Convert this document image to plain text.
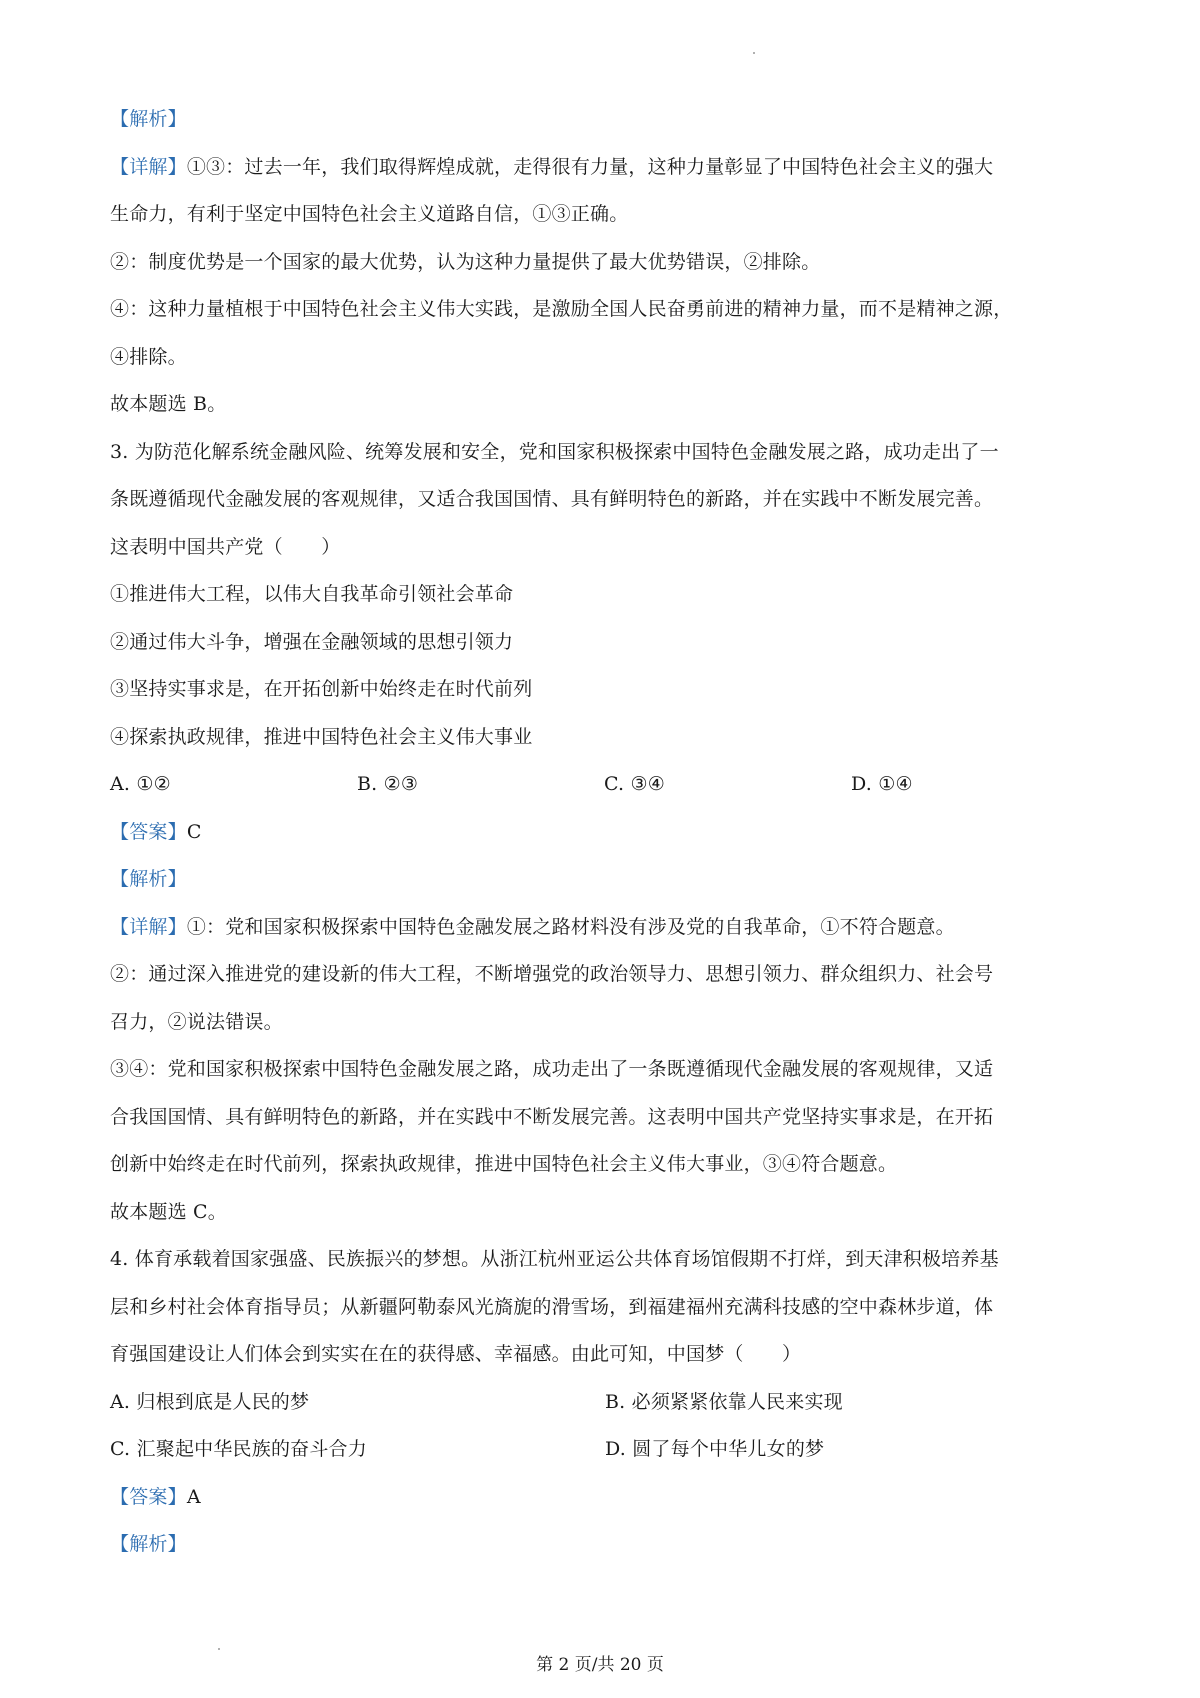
【解析】
【详解】①③：过去一年，我们取得辉煌成就，走得很有力量，这种力量彰显了中国特色社会主义的强大
生命力，有利于坚定中国特色社会主义道路自信，①③正确。
②：制度优势是一个国家的最大优势，认为这种力量提供了最大优势错误，②排除。
④：这种力量植根于中国特色社会主义伟大实践，是激励全国人民奋勇前进的精神力量，而不是精神之源，
④排除。
故本题选 B。
3. 为防范化解系统金融风险、统筹发展和安全，党和国家积极探索中国特色金融发展之路，成功走出了一
条既遵循现代金融发展的客观规律，又适合我国国情、具有鲜明特色的新路，并在实践中不断发展完善。
这表明中国共产党（　　）
①推进伟大工程，以伟大自我革命引领社会革命
②通过伟大斗争，增强在金融领域的思想引领力
③坚持实事求是，在开拓创新中始终走在时代前列
④探索执政规律，推进中国特色社会主义伟大事业
A. ①②	B. ②③	C. ③④	D. ①④
【答案】C
【解析】
【详解】①：党和国家积极探索中国特色金融发展之路材料没有涉及党的自我革命，①不符合题意。
②：通过深入推进党的建设新的伟大工程，不断增强党的政治领导力、思想引领力、群众组织力、社会号
召力，②说法错误。
③④：党和国家积极探索中国特色金融发展之路，成功走出了一条既遵循现代金融发展的客观规律，又适
合我国国情、具有鲜明特色的新路，并在实践中不断发展完善。这表明中国共产党坚持实事求是，在开拓
创新中始终走在时代前列，探索执政规律，推进中国特色社会主义伟大事业，③④符合题意。
故本题选 C。
4. 体育承载着国家强盛、民族振兴的梦想。从浙江杭州亚运公共体育场馆假期不打烊，到天津积极培养基
层和乡村社会体育指导员；从新疆阿勒泰风光旖旎的滑雪场，到福建福州充满科技感的空中森林步道，体
育强国建设让人们体会到实实在在的获得感、幸福感。由此可知，中国梦（　　）
A. 归根到底是人民的梦	B. 必须紧紧依靠人民来实现
C. 汇聚起中华民族的奋斗合力	D. 圆了每个中华儿女的梦
【答案】A
【解析】
第 2 页/共 20 页
